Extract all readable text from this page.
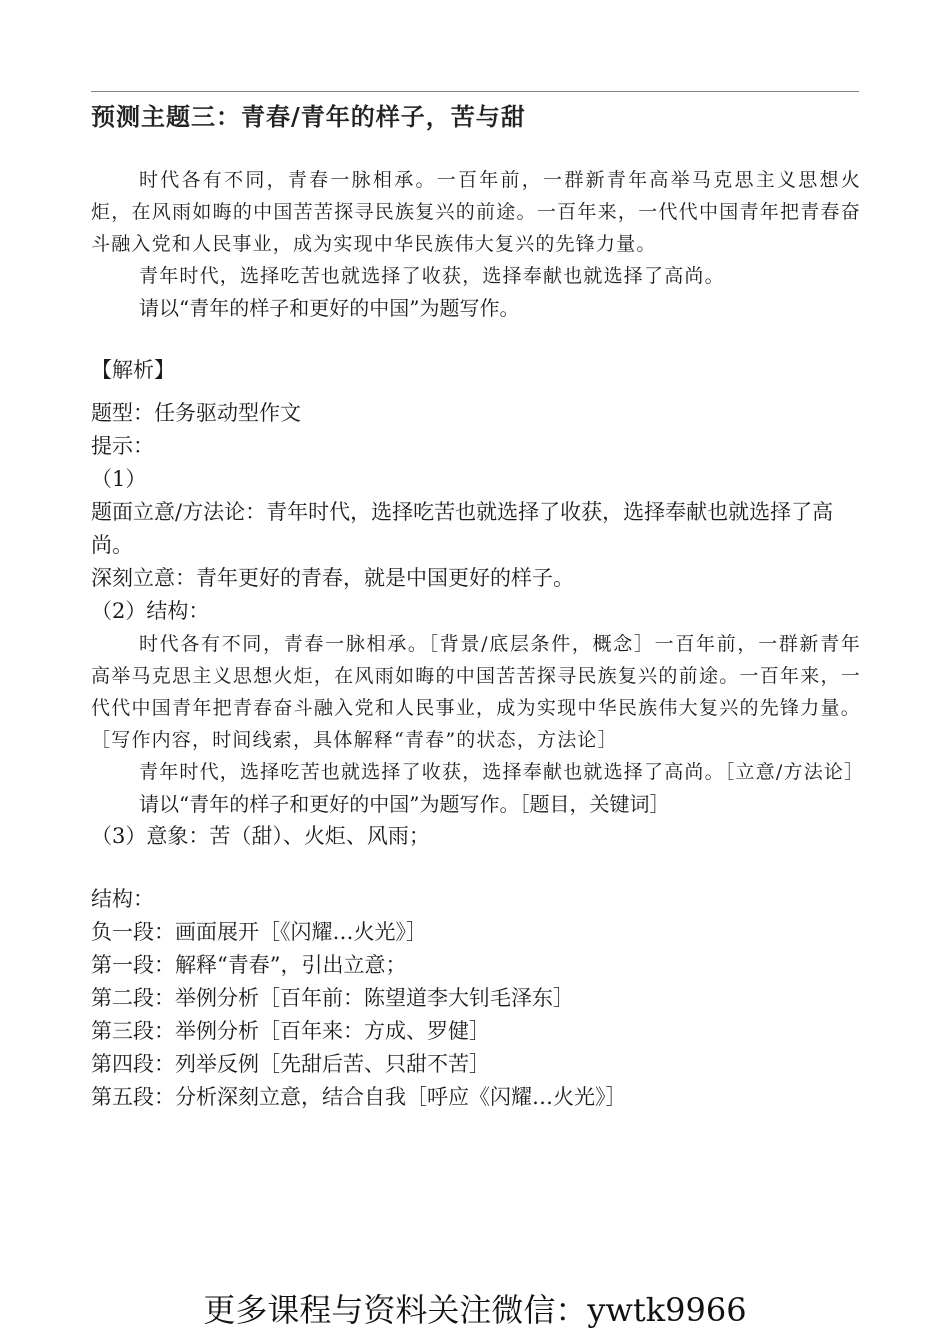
预测主题三：青春/青年的样子，苦与甜

时代各有不同，青春一脉相承。一百年前，一群新青年高举马克思主义思想火炬，在风雨如晦的中国苦苦探寻民族复兴的前途。一百年来，一代代中国青年把青春奋斗融入党和人民事业，成为实现中华民族伟大复兴的先锋力量。

青年时代，选择吃苦也就选择了收获，选择奉献也就选择了高尚。

请以“青年的样子和更好的中国”为题写作。

【解析】

题型：任务驱动型作文

提示：

（1）

题面立意/方法论：青年时代，选择吃苦也就选择了收获，选择奉献也就选择了高尚。

深刻立意：青年更好的青春，就是中国更好的样子。

（2）结构：

时代各有不同，青春一脉相承。［背景/底层条件，概念］一百年前，一群新青年高举马克思主义思想火炬，在风雨如晦的中国苦苦探寻民族复兴的前途。一百年来，一代代中国青年把青春奋斗融入党和人民事业，成为实现中华民族伟大复兴的先锋力量。［写作内容，时间线索，具体解释“青春”的状态，方法论］

青年时代，选择吃苦也就选择了收获，选择奉献也就选择了高尚。［立意/方法论］

请以“青年的样子和更好的中国”为题写作。［题目，关键词］

（3）意象：苦（甜）、火炬、风雨；

结构：

负一段：画面展开［《闪耀…火光》］

第一段：解释“青春”，引出立意；

第二段：举例分析［百年前：陈望道李大钊毛泽东］

第三段：举例分析［百年来：方成、罗健］

第四段：列举反例［先甜后苦、只甜不苦］

第五段：分析深刻立意，结合自我［呼应《闪耀…火光》］

更多课程与资料关注微信：ywtk9966
